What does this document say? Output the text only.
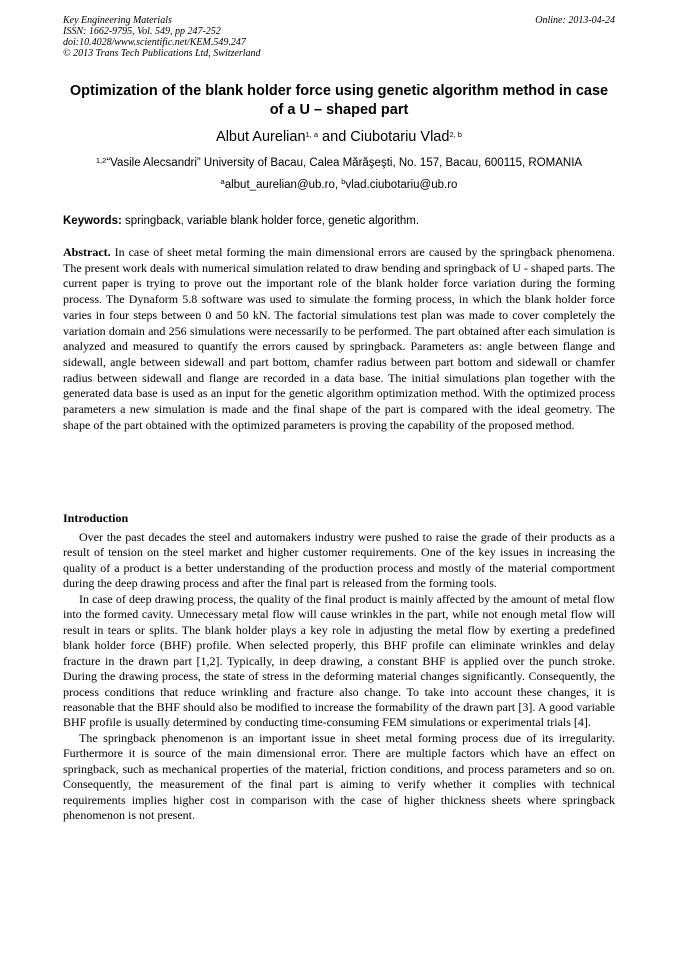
Key Engineering Materials
ISSN: 1662-9795, Vol. 549, pp 247-252
doi:10.4028/www.scientific.net/KEM.549.247
© 2013 Trans Tech Publications Ltd, Switzerland
Online: 2013-04-24
Optimization of the blank holder force using genetic algorithm method in case of a U – shaped part
Albut Aurelian$^{1, a}$ and Ciubotariu Vlad$^{2, b}$
$^{1,2}$“Vasile Alecsandri” University of Bacau, Calea Mărăşeşti, No. 157, Bacau, 600115, ROMANIA
$^a$albut_aurelian@ub.ro, $^b$vlad.ciubotariu@ub.ro
Keywords: springback, variable blank holder force, genetic algorithm.

Abstract. In case of sheet metal forming the main dimensional errors are caused by the springback phenomena. The present work deals with numerical simulation related to draw bending and springback of U - shaped parts. The current paper is trying to prove out the important role of the blank holder force variation during the forming process. The Dynaform 5.8 software was used to simulate the forming process, in which the blank holder force varies in four steps between 0 and 50 kN. The factorial simulations test plan was made to cover completely the variation domain and 256 simulations were necessarily to be performed. The part obtained after each simulation is analyzed and measured to quantify the errors caused by springback. Parameters as: angle between flange and sidewall, angle between sidewall and part bottom, chamfer radius between part bottom and sidewall or chamfer radius between sidewall and flange are recorded in a data base. The initial simulations plan together with the generated data base is used as an input for the genetic algorithm optimization method. With the optimized process parameters a new simulation is made and the final shape of the part is compared with the ideal geometry. The shape of the part obtained with the optimized parameters is proving the capability of the proposed method.

Introduction

Over the past decades the steel and automakers industry were pushed to raise the grade of their products as a result of tension on the steel market and higher customer requirements. One of the key issues in increasing the quality of a product is a better understanding of the production process and mostly of the material comportment during the deep drawing process and after the final part is released from the forming tools.

In case of deep drawing process, the quality of the final product is mainly affected by the amount of metal flow into the formed cavity. Unnecessary metal flow will cause wrinkles in the part, while not enough metal flow will result in tears or splits. The blank holder plays a key role in adjusting the metal flow by exerting a predefined blank holder force (BHF) profile. When selected properly, this BHF profile can eliminate wrinkles and delay fracture in the drawn part [1,2]. Typically, in deep drawing, a constant BHF is applied over the punch stroke. During the drawing process, the state of stress in the deforming material changes significantly. Consequently, the process conditions that reduce wrinkling and fracture also change. To take into account these changes, it is reasonable that the BHF should also be modified to increase the formability of the drawn part [3]. A good variable BHF profile is usually determined by conducting time-consuming FEM simulations or experimental trials [4].

The springback phenomenon is an important issue in sheet metal forming process due of its irregularity. Furthermore it is source of the main dimensional error. There are multiple factors which have an effect on springback, such as mechanical properties of the material, friction conditions, and process parameters and so on. Consequently, the measurement of the final part is aiming to verify whether it complies with technical requirements implies higher cost in comparison with the case of higher thickness sheets where springback phenomenon is not present.
